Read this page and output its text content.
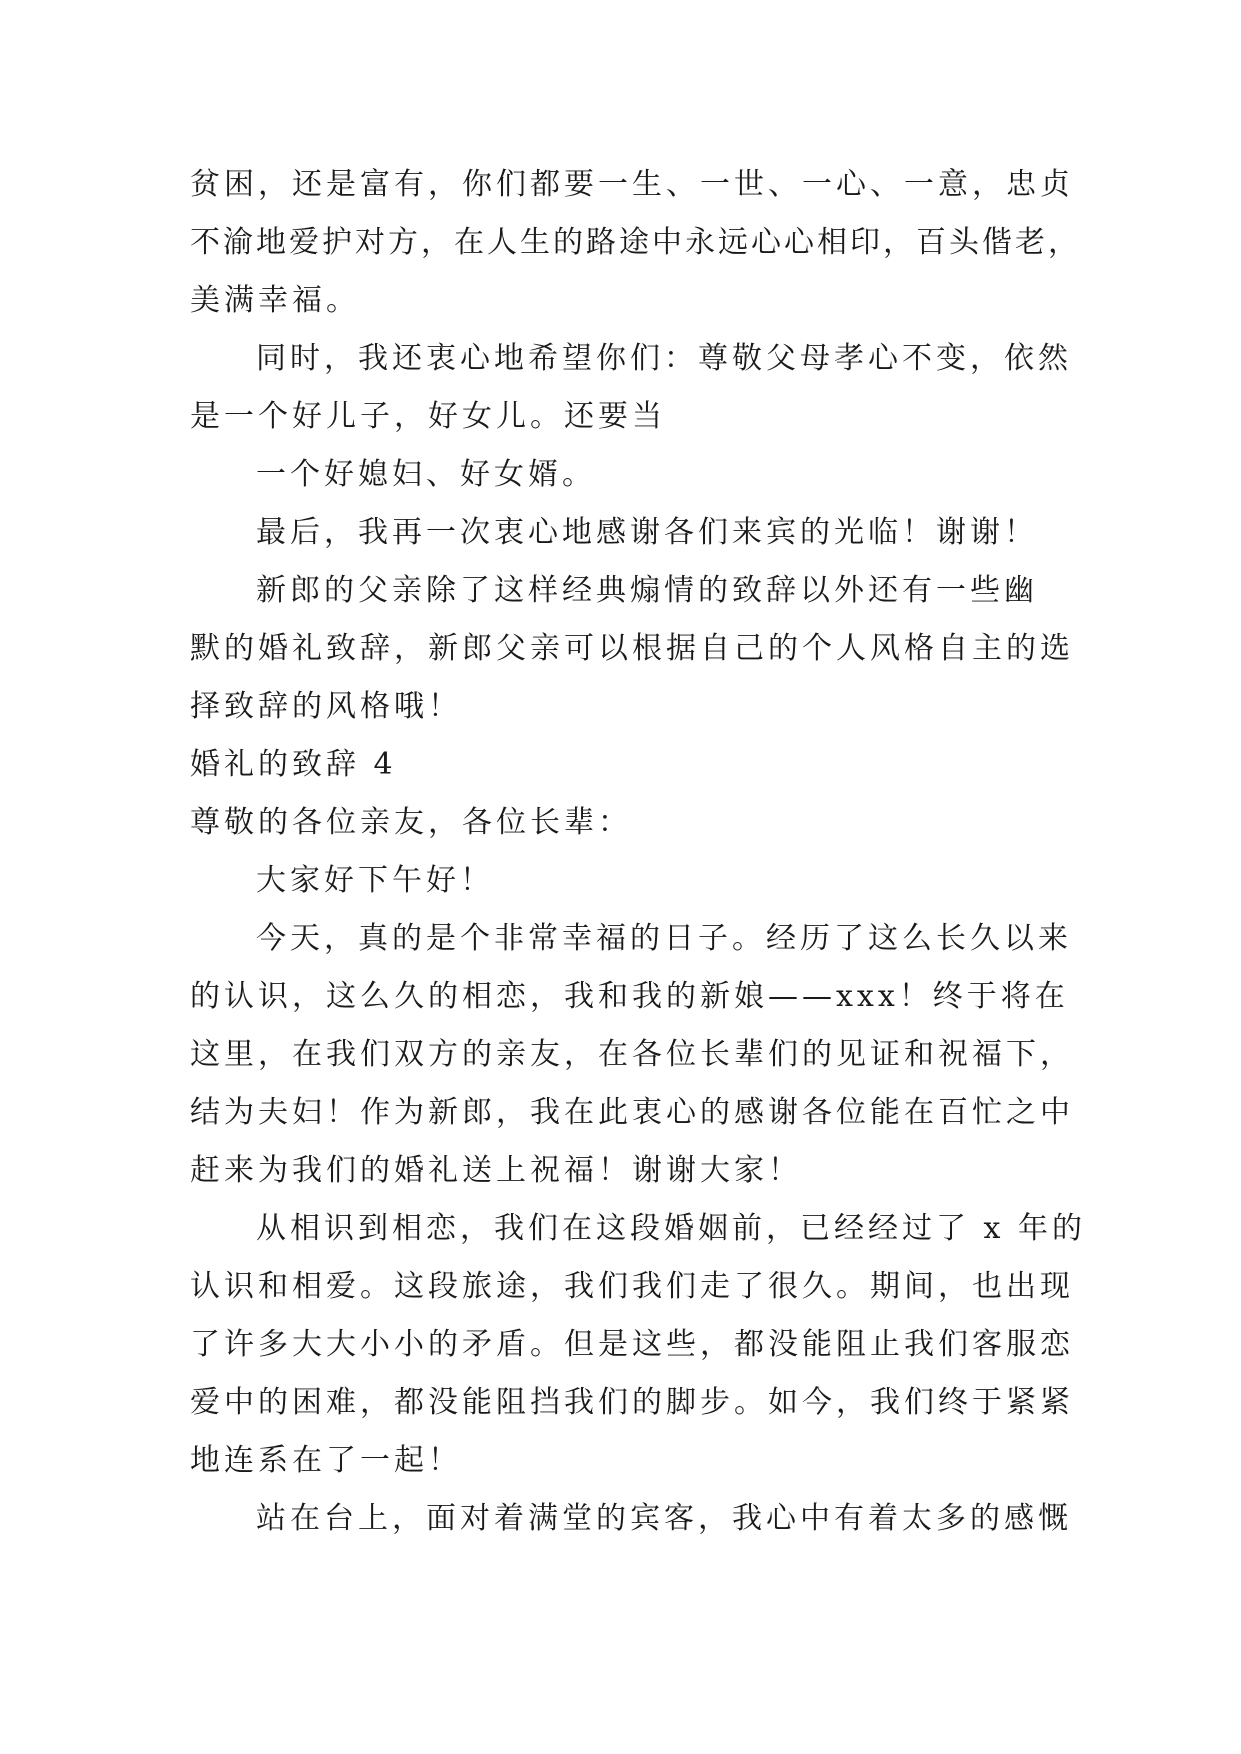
贫困，还是富有，你们都要一生、一世、一心、一意，忠贞
不渝地爱护对方，在人生的路途中永远心心相印，百头偕老，
美满幸福。
同时，我还衷心地希望你们：尊敬父母孝心不变，依然
是一个好儿子，好女儿。还要当
一个好媳妇、好女婿。
最后，我再一次衷心地感谢各们来宾的光临！谢谢！
新郎的父亲除了这样经典煽情的致辞以外还有一些幽
默的婚礼致辞，新郎父亲可以根据自己的个人风格自主的选
择致辞的风格哦！
婚礼的致辞 4
尊敬的各位亲友，各位长辈：
大家好下午好！
今天，真的是个非常幸福的日子。经历了这么长久以来
的认识，这么久的相恋，我和我的新娘——xxx！终于将在
这里，在我们双方的亲友，在各位长辈们的见证和祝福下，
结为夫妇！作为新郎，我在此衷心的感谢各位能在百忙之中
赶来为我们的婚礼送上祝福！谢谢大家！
从相识到相恋，我们在这段婚姻前，已经经过了 x 年的
认识和相爱。这段旅途，我们我们走了很久。期间，也出现
了许多大大小小的矛盾。但是这些，都没能阻止我们客服恋
爱中的困难，都没能阻挡我们的脚步。如今，我们终于紧紧
地连系在了一起！
站在台上，面对着满堂的宾客，我心中有着太多的感慨
